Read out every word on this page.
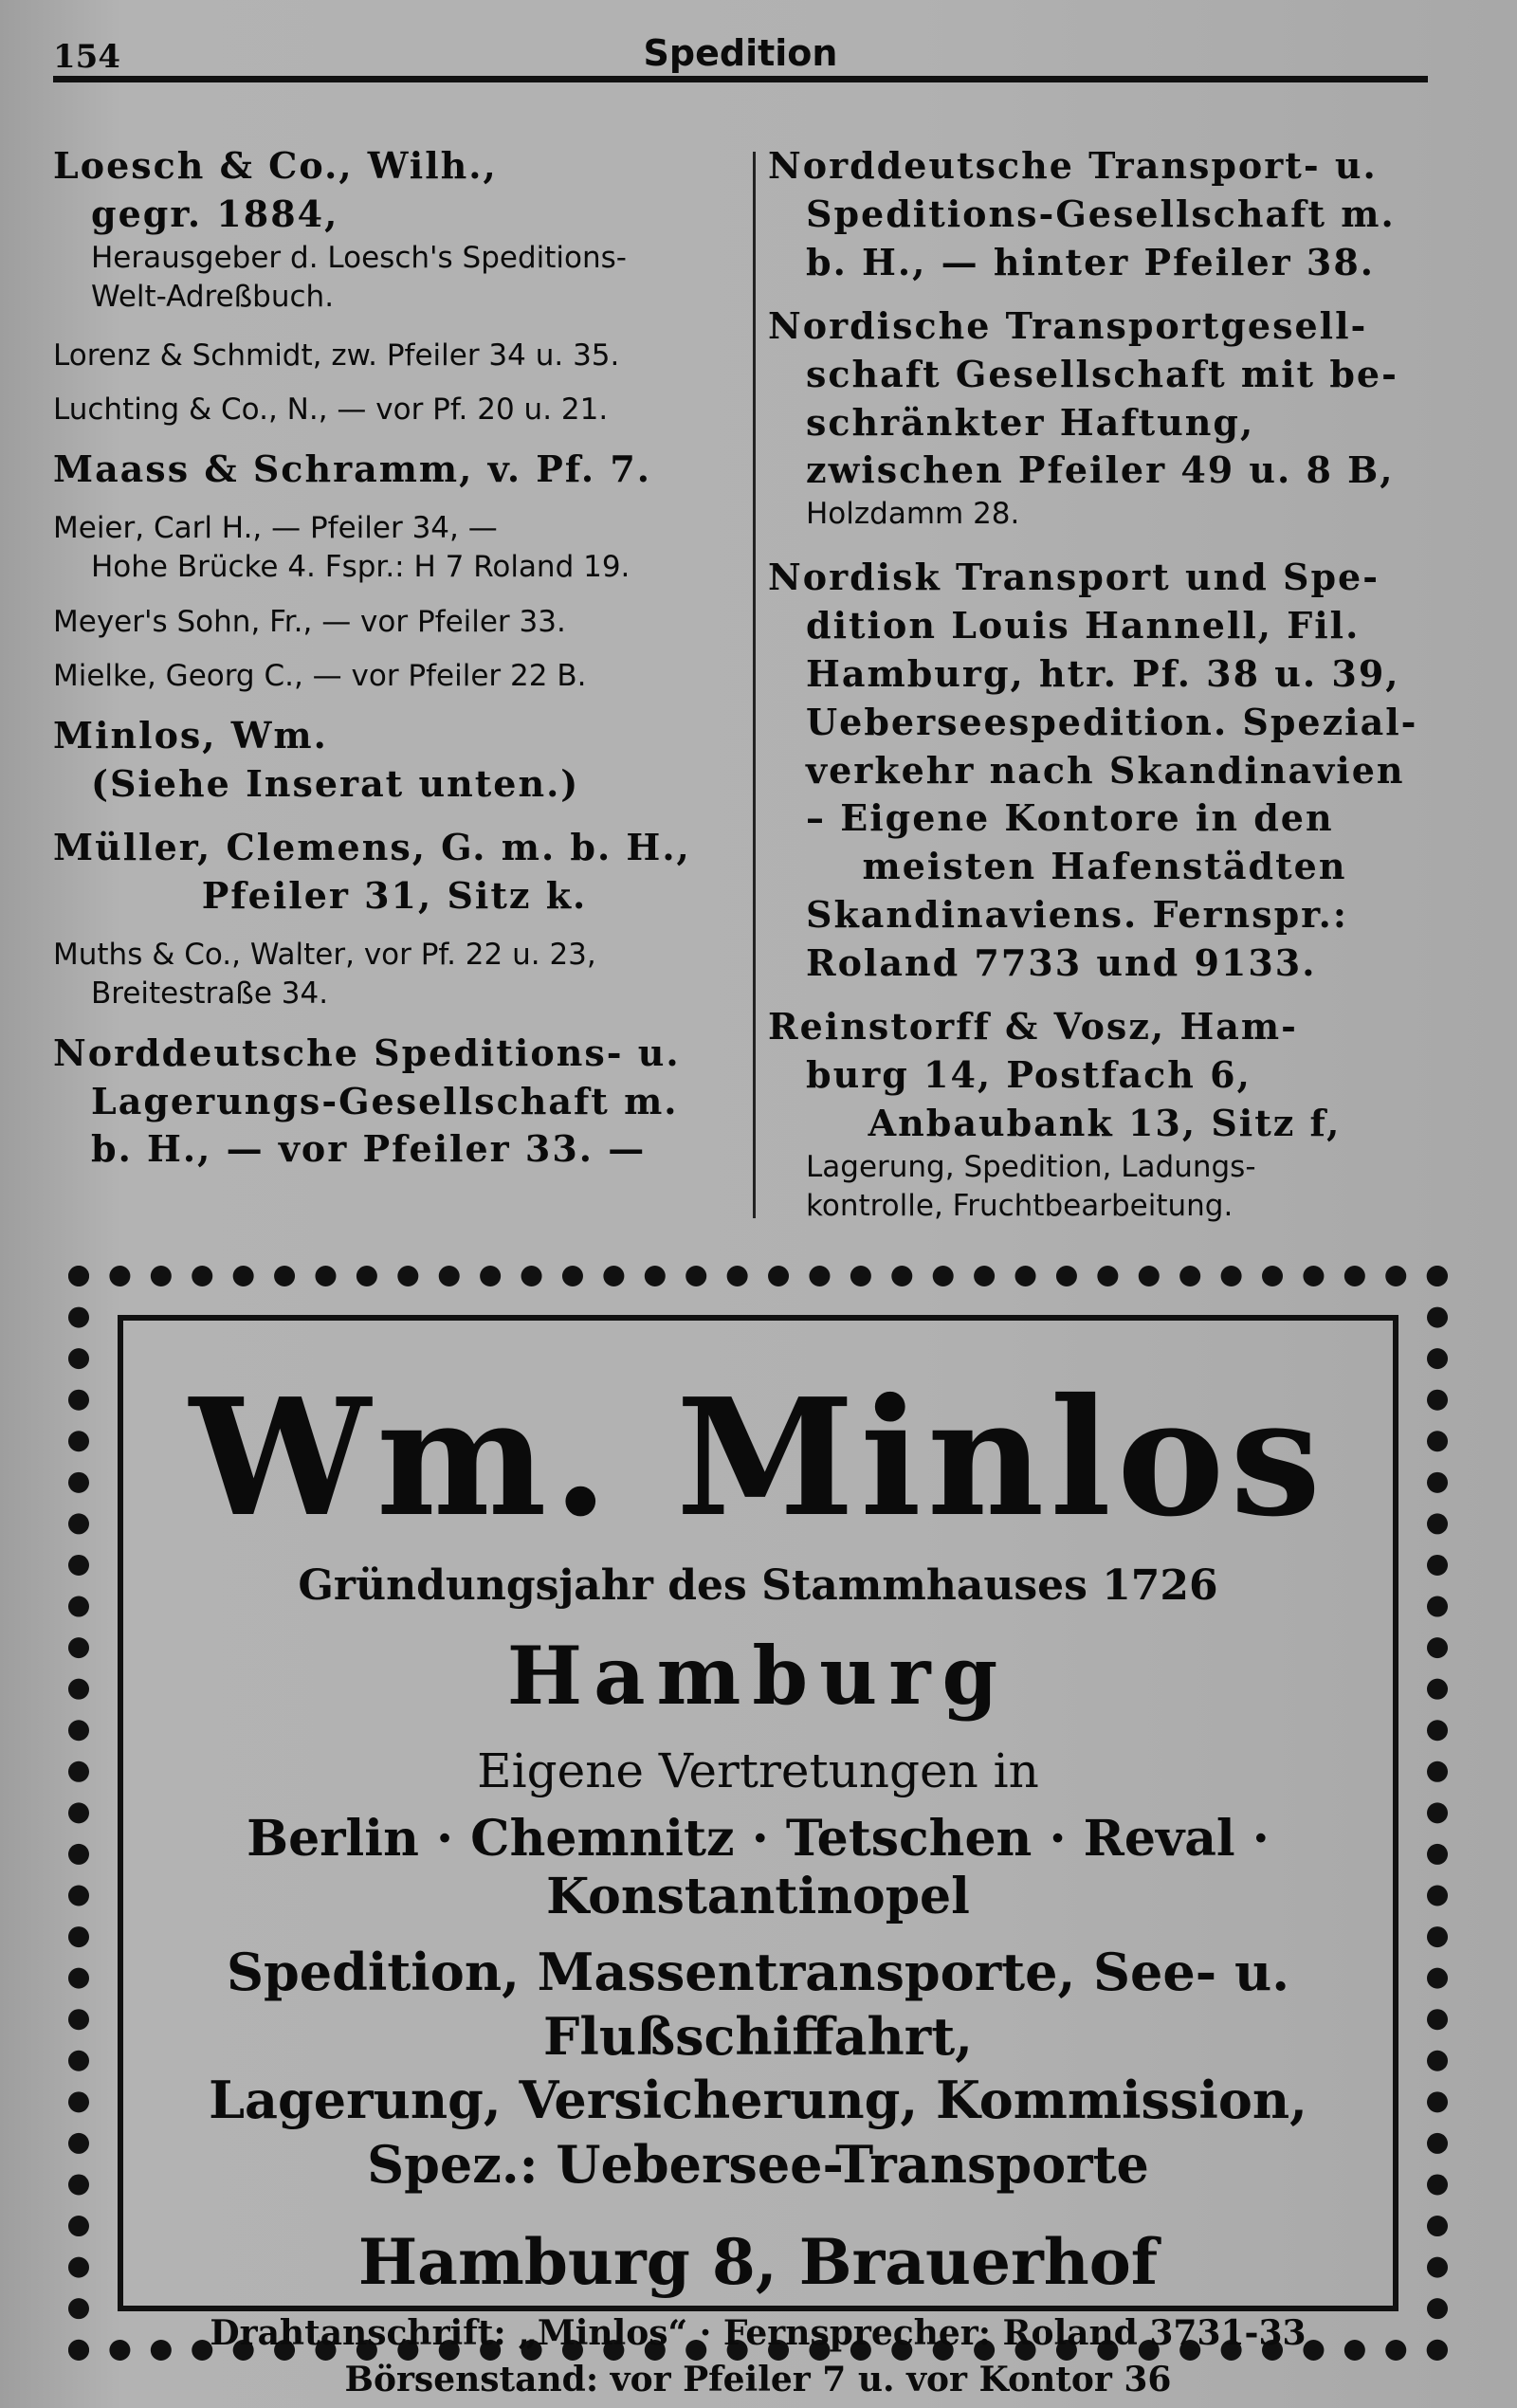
154	Spedition
Loesch & Co., Wilh.,
gegr. 1884,
Herausgeber d. Loesch's Speditions-
Welt-Adreßbuch.
Lorenz & Schmidt, zw. Pfeiler 34 u. 35.
Luchting & Co., N., — vor Pf. 20 u. 21.
Maass & Schramm, v. Pf. 7.
Meier, Carl H., — Pfeiler 34, —
Hohe Brücke 4. Fspr.: H 7 Roland 19.
Meyer's Sohn, Fr., — vor Pfeiler 33.
Mielke, Georg C., — vor Pfeiler 22 B.
Minlos, Wm.
(Siehe Inserat unten.)
Müller, Clemens, G. m. b. H.,
Pfeiler 31, Sitz k.
Muths & Co., Walter, vor Pf. 22 u. 23,
Breitestraße 34.
Norddeutsche Speditions- u.
Lagerungs-Gesellschaft m.
b. H., — vor Pfeiler 33. —
Norddeutsche Transport- u.
Speditions-Gesellschaft m.
b. H., — hinter Pfeiler 38.
Nordische Transportgesell-
schaft Gesellschaft mit be-
schränkter Haftung,
zwischen Pfeiler 49 u. 8 B,
Holzdamm 28.
Nordisk Transport und Spe-
dition Louis Hannell, Fil.
Hamburg, htr. Pf. 38 u. 39,
Ueberseespedition. Spezial-
verkehr nach Skandinavien
– Eigene Kontore in den
meisten Hafenstädten
Skandinaviens. Fernspr.:
Roland 7733 und 9133.
Reinstorff & Vosz, Ham-
burg 14, Postfach 6,
Anbaubank 13, Sitz f,
Lagerung, Spedition, Ladungs-
kontrolle, Fruchtbearbeitung.
Wm. Minlos
Gründungsjahr des Stammhauses 1726
Hamburg
Eigene Vertretungen in
Berlin · Chemnitz · Tetschen · Reval · Konstantinopel
Spedition, Massentransporte, See- u. Flußschiffahrt,
Lagerung, Versicherung, Kommission,
Spez.: Uebersee-Transporte
Hamburg 8, Brauerhof
Drahtanschrift: „Minlos“ · Fernsprecher: Roland 3731-33
Börsenstand: vor Pfeiler 7 u. vor Kontor 36
